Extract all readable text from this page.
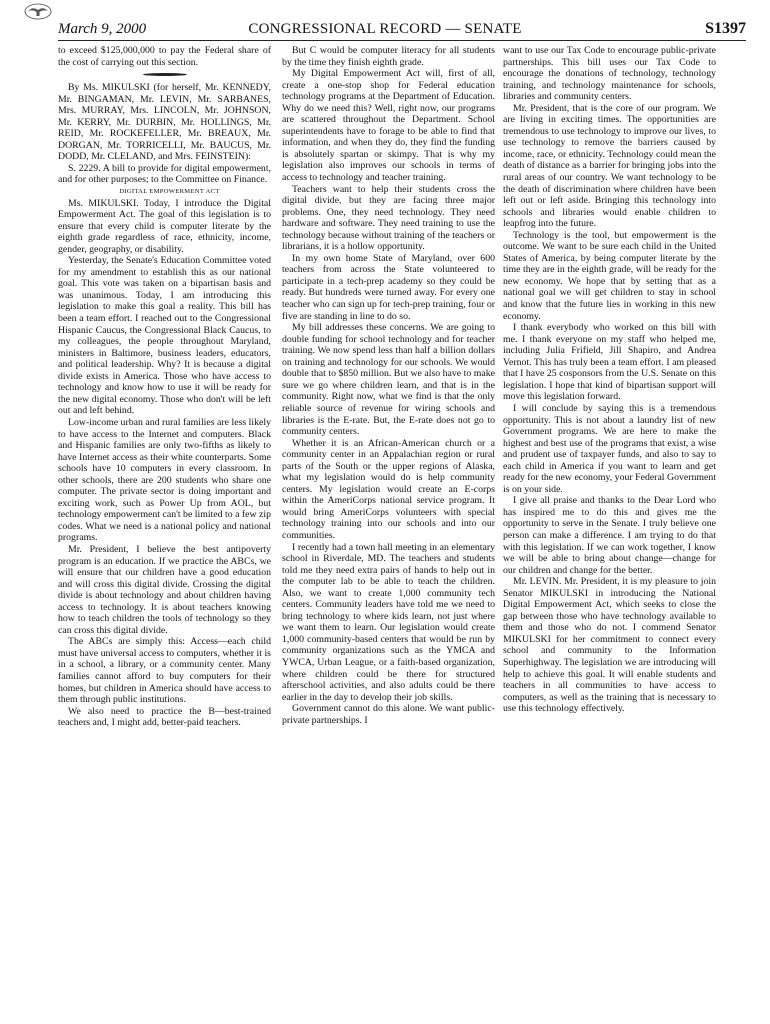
March 9, 2000	CONGRESSIONAL RECORD — SENATE	S1397

to exceed $125,000,000 to pay the Federal share of the cost of carrying out this section.

By Ms. MIKULSKI (for herself, Mr. KENNEDY, Mr. BINGAMAN, Mr. LEVIN, Mr. SARBANES, Mrs. MURRAY, Mrs. LINCOLN, Mr. JOHNSON, Mr. KERRY, Mr. DURBIN, Mr. HOLLINGS, Mr. REID, Mr. ROCKEFELLER, Mr. BREAUX, Mr. DORGAN, Mr. TORRICELLI, Mr. BAUCUS, Mr. DODD, Mr. CLELAND, and Mrs. FEINSTEIN):

S. 2229. A bill to provide for digital empowerment, and for other purposes; to the Committee on Finance.

DIGITAL EMPOWERMENT ACT

Ms. MIKULSKI. Today, I introduce the Digital Empowerment Act. The goal of this legislation is to ensure that every child is computer literate by the eighth grade regardless of race, ethnicity, income, gender, geography, or disability.

Yesterday, the Senate's Education Committee voted for my amendment to establish this as our national goal. This vote was taken on a bipartisan basis and was unanimous. Today, I am introducing this legislation to make this goal a reality. This bill has been a team effort. I reached out to the Congressional Hispanic Caucus, the Congressional Black Caucus, to my colleagues, the people throughout Maryland, ministers in Baltimore, business leaders, educators, and political leadership. Why? It is because a digital divide exists in America. Those who have access to technology and know how to use it will be ready for the new digital economy. Those who don't will be left out and left behind.

Low-income urban and rural families are less likely to have access to the Internet and computers. Black and Hispanic families are only two-fifths as likely to have Internet access as their white counterparts. Some schools have 10 computers in every classroom. In other schools, there are 200 students who share one computer. The private sector is doing important and exciting work, such as Power Up from AOL, but technology empowerment can't be limited to a few zip codes. What we need is a national policy and national programs.

Mr. President, I believe the best antipoverty program is an education. If we practice the ABCs, we will ensure that our children have a good education and will cross this digital divide. Crossing the digital divide is about technology and about children having access to technology. It is about teachers knowing how to teach children the tools of technology so they can cross this digital divide.

The ABCs are simply this: Access—each child must have universal access to computers, whether it is in a school, a library, or a community center. Many families cannot afford to buy computers for their homes, but children in America should have access to them through public institutions.

We also need to practice the B—best-trained teachers and, I might add, better-paid teachers.

But C would be computer literacy for all students by the time they finish eighth grade.

My Digital Empowerment Act will, first of all, create a one-stop shop for Federal education technology programs at the Department of Education. Why do we need this? Well, right now, our programs are scattered throughout the Department. School superintendents have to forage to be able to find that information, and when they do, they find the funding is absolutely spartan or skimpy. That is why my legislation also improves our schools in terms of access to technology and teacher training.

Teachers want to help their students cross the digital divide, but they are facing three major problems. One, they need technology. They need hardware and software. They need training to use the technology because without training of the teachers or librarians, it is a hollow opportunity.

In my own home State of Maryland, over 600 teachers from across the State volunteered to participate in a tech-prep academy so they could be ready. But hundreds were turned away. For every one teacher who can sign up for tech-prep training, four or five are standing in line to do so.

My bill addresses these concerns. We are going to double funding for school technology and for teacher training. We now spend less than half a billion dollars on training and technology for our schools. We would double that to $850 million. But we also have to make sure we go where children learn, and that is in the community. Right now, what we find is that the only reliable source of revenue for wiring schools and libraries is the E-rate. But, the E-rate does not go to community centers.

Whether it is an African-American church or a community center in an Appalachian region or rural parts of the South or the upper regions of Alaska, what my legislation would do is help community centers. My legislation would create an E-corps within the AmeriCorps national service program. It would bring AmeriCorps volunteers with special technology training into our schools and into our communities.

I recently had a town hall meeting in an elementary school in Riverdale, MD. The teachers and students told me they need extra pairs of hands to help out in the computer lab to be able to teach the children. Also, we want to create 1,000 community tech centers. Community leaders have told me we need to bring technology to where kids learn, not just where we want them to learn. Our legislation would create 1,000 community-based centers that would be run by community organizations such as the YMCA and YWCA, Urban League, or a faith-based organization, where children could be there for structured afterschool activities, and also adults could be there earlier in the day to develop their job skills.

Government cannot do this alone. We want public-private partnerships. I

want to use our Tax Code to encourage public-private partnerships. This bill uses our Tax Code to encourage the donations of technology, technology training, and technology maintenance for schools, libraries and community centers.

Mr. President, that is the core of our program. We are living in exciting times. The opportunities are tremendous to use technology to improve our lives, to use technology to remove the barriers caused by income, race, or ethnicity. Technology could mean the death of distance as a barrier for bringing jobs into the rural areas of our country. We want technology to be the death of discrimination where children have been left out or left aside. Bringing this technology into schools and libraries would enable children to leapfrog into the future.

Technology is the tool, but empowerment is the outcome. We want to be sure each child in the United States of America, by being computer literate by the time they are in the eighth grade, will be ready for the new economy. We hope that by setting that as a national goal we will get children to stay in school and know that the future lies in working in this new economy.

I thank everybody who worked on this bill with me. I thank everyone on my staff who helped me, including Julia Frifield, Jill Shapiro, and Andrea Vernot. This has truly been a team effort. I am pleased that I have 25 cosponsors from the U.S. Senate on this legislation. I hope that kind of bipartisan support will move this legislation forward.

I will conclude by saying this is a tremendous opportunity. This is not about a laundry list of new Government programs. We are here to make the highest and best use of the programs that exist, a wise and prudent use of taxpayer funds, and also to say to each child in America if you want to learn and get ready for the new economy, your Federal Government is on your side.

I give all praise and thanks to the Dear Lord who has inspired me to do this and gives me the opportunity to serve in the Senate. I truly believe one person can make a difference. I am trying to do that with this legislation. If we can work together, I know we will be able to bring about change—change for our children and change for the better.

Mr. LEVIN. Mr. President, it is my pleasure to join Senator MIKULSKI in introducing the National Digital Empowerment Act, which seeks to close the gap between those who have technology available to them and those who do not. I commend Senator MIKULSKI for her commitment to connect every school and community to the Information Superhighway. The legislation we are introducing will help to achieve this goal. It will enable students and teachers in all communities to have access to computers, as well as the training that is necessary to use this technology effectively.
